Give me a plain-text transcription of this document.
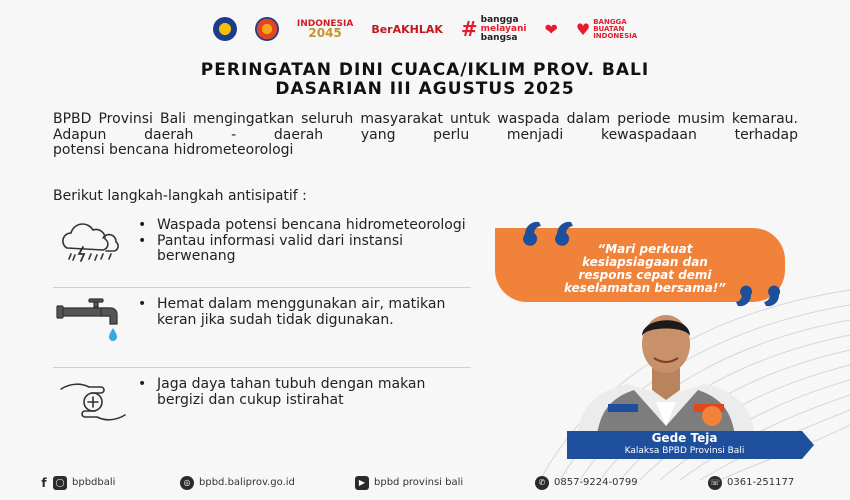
INDONESIA
2045	BerAKHLAK # bangga
melayani
bangsa	❤ ♥ BANGGA
BUATAN
INDONESIA
PERINGATAN DINI CUACA/IKLIM PROV. BALI
DASARIAN III AGUSTUS 2025
BPBD Provinsi Bali mengingatkan seluruh masyarakat untuk waspada dalam periode musim kemarau. Adapun daerah - daerah yang perlu menjadi kewaspadaan terhadap
potensi bencana hidrometeorologi
Berikut langkah-langkah antisipatif :
• Waspada potensi bencana hidrometeorologi
• Pantau informasi valid dari instansi berwenang
• Hemat dalam menggunakan air, matikan keran jika sudah tidak digunakan.
• Jaga daya tahan tubuh dengan makan bergizi dan cukup istirahat
“Mari perkuat
kesiapsiagaan dan
respons cepat demi
keselamatan bersama!”
Gede Teja
Kalaksa BPBD Provinsi Bali
f	◯ bpbdbali	◎ bpbd.baliprov.go.id	▶ bpbd provinsi bali	✆ 0857-9224-0799	☏ 0361-251177
